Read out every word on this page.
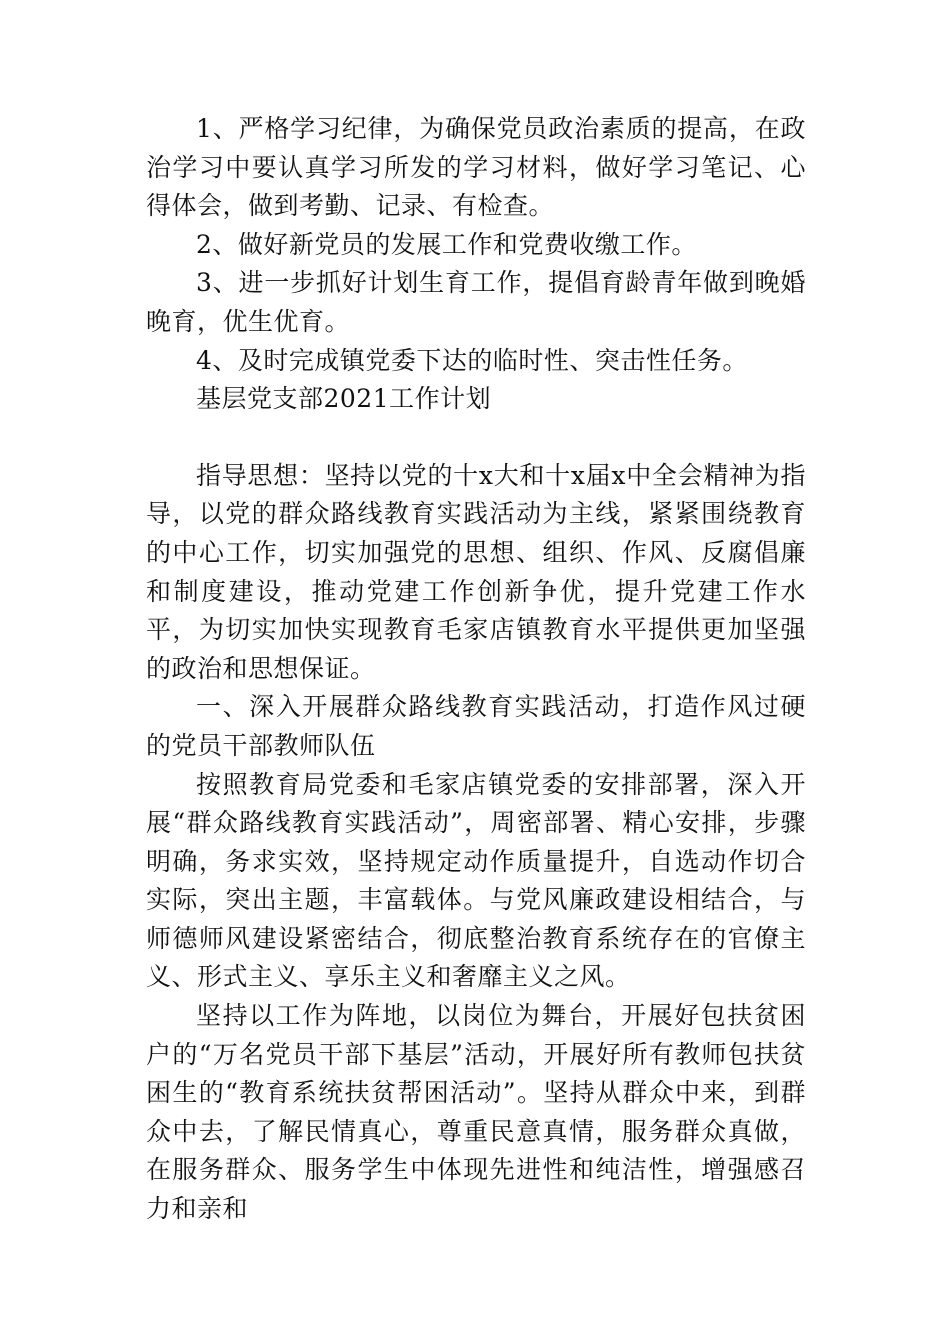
1、严格学习纪律，为确保党员政治素质的提高，在政治学习中要认真学习所发的学习材料，做好学习笔记、心得体会，做到考勤、记录、有检查。

2、做好新党员的发展工作和党费收缴工作。

3、进一步抓好计划生育工作，提倡育龄青年做到晚婚晚育，优生优育。

4、及时完成镇党委下达的临时性、突击性任务。

基层党支部2021工作计划

指导思想：坚持以党的十x大和十x届x中全会精神为指导，以党的群众路线教育实践活动为主线，紧紧围绕教育的中心工作，切实加强党的思想、组织、作风、反腐倡廉和制度建设，推动党建工作创新争优，提升党建工作水平，为切实加快实现教育毛家店镇教育水平提供更加坚强的政治和思想保证。

一、深入开展群众路线教育实践活动，打造作风过硬的党员干部教师队伍

按照教育局党委和毛家店镇党委的安排部署，深入开展“群众路线教育实践活动”，周密部署、精心安排，步骤明确，务求实效，坚持规定动作质量提升，自选动作切合实际，突出主题，丰富载体。与党风廉政建设相结合，与师德师风建设紧密结合，彻底整治教育系统存在的官僚主义、形式主义、享乐主义和奢靡主义之风。

坚持以工作为阵地，以岗位为舞台，开展好包扶贫困户的“万名党员干部下基层”活动，开展好所有教师包扶贫困生的“教育系统扶贫帮困活动”。坚持从群众中来，到群众中去，了解民情真心，尊重民意真情，服务群众真做，在服务群众、服务学生中体现先进性和纯洁性，增强感召力和亲和
